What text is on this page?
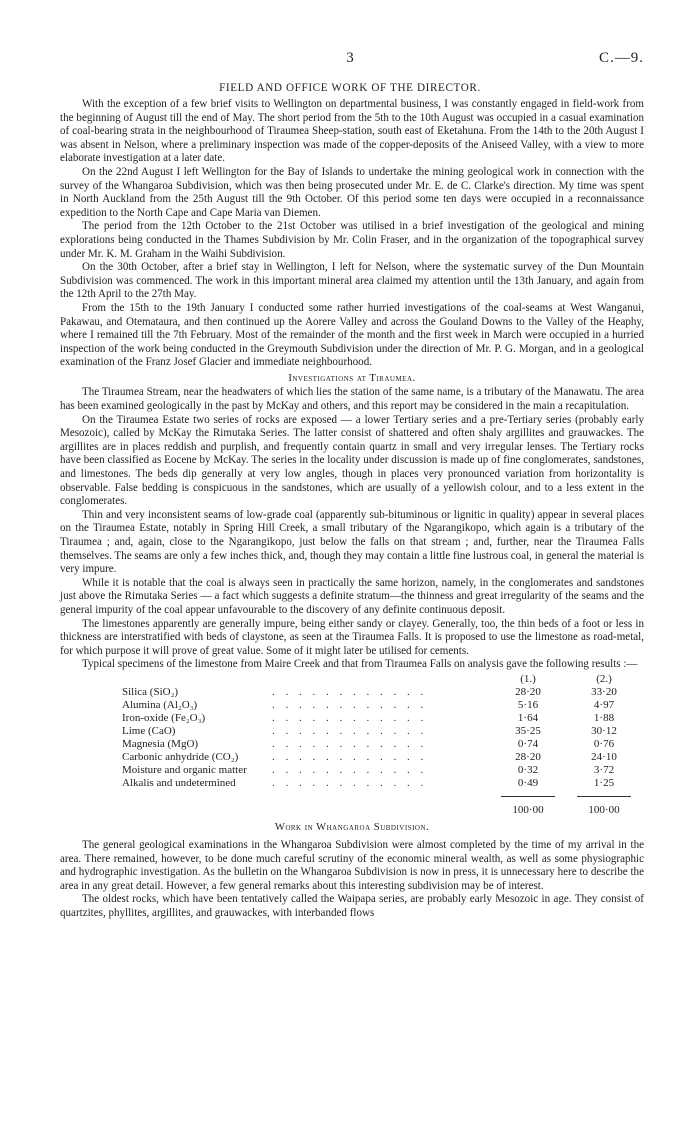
3	C.—9.
FIELD AND OFFICE WORK OF THE DIRECTOR.

With the exception of a few brief visits to Wellington on departmental business, I was constantly engaged in field-work from the beginning of August till the end of May. The short period from the 5th to the 10th August was occupied in a casual examination of coal-bearing strata in the neighbourhood of Tiraumea Sheep-station, south east of Eketahuna. From the 14th to the 20th August I was absent in Nelson, where a preliminary inspection was made of the copper-deposits of the Aniseed Valley, with a view to more elaborate investigation at a later date.

On the 22nd August I left Wellington for the Bay of Islands to undertake the mining geological work in connection with the survey of the Whangaroa Subdivision, which was then being prosecuted under Mr. E. de C. Clarke's direction. My time was spent in North Auckland from the 25th August till the 9th October. Of this period some ten days were occupied in a reconnaissance expedition to the North Cape and Cape Maria van Diemen.

The period from the 12th October to the 21st October was utilised in a brief investigation of the geological and mining explorations being conducted in the Thames Subdivision by Mr. Colin Fraser, and in the organization of the topographical survey under Mr. K. M. Graham in the Waihi Subdivision.

On the 30th October, after a brief stay in Wellington, I left for Nelson, where the systematic survey of the Dun Mountain Subdivision was commenced. The work in this important mineral area claimed my attention until the 13th January, and again from the 12th April to the 27th May.

From the 15th to the 19th January I conducted some rather hurried investigations of the coal-seams at West Wanganui, Pakawau, and Otemataura, and then continued up the Aorere Valley and across the Gouland Downs to the Valley of the Heaphy, where I remained till the 7th February. Most of the remainder of the month and the first week in March were occupied in a hurried inspection of the work being conducted in the Greymouth Subdivision under the direction of Mr. P. G. Morgan, and in a geological examination of the Franz Josef Glacier and immediate neighbourhood.

Investigations at Tiraumea.

The Tiraumea Stream, near the headwaters of which lies the station of the same name, is a tributary of the Manawatu. The area has been examined geologically in the past by McKay and others, and this report may be considered in the main a recapitulation.

On the Tiraumea Estate two series of rocks are exposed — a lower Tertiary series and a pre-Tertiary series (probably early Mesozoic), called by McKay the Rimutaka Series. The latter consist of shattered and often shaly argillites and grauwackes. The argillites are in places reddish and purplish, and frequently contain quartz in small and very irregular lenses. The Tertiary rocks have been classified as Eocene by McKay. The series in the locality under discussion is made up of fine conglomerates, sandstones, and limestones. The beds dip generally at very low angles, though in places very pronounced variation from horizontality is observable. False bedding is conspicuous in the sandstones, which are usually of a yellowish colour, and to a less extent in the conglomerates.

Thin and very inconsistent seams of low-grade coal (apparently sub-bituminous or lignitic in quality) appear in several places on the Tiraumea Estate, notably in Spring Hill Creek, a small tributary of the Ngarangikopo, which again is a tributary of the Tiraumea ; and, again, close to the Ngarangikopo, just below the falls on that stream ; and, further, near the Tiraumea Falls themselves. The seams are only a few inches thick, and, though they may contain a little fine lustrous coal, in general the material is very impure.

While it is notable that the coal is always seen in practically the same horizon, namely, in the conglomerates and sandstones just above the Rimutaka Series — a fact which suggests a definite stratum—the thinness and great irregularity of the seams and the general impurity of the coal appear unfavourable to the discovery of any definite continuous deposit.

The limestones apparently are generally impure, being either sandy or clayey. Generally, too, the thin beds of a foot or less in thickness are interstratified with beds of claystone, as seen at the Tiraumea Falls. It is proposed to use the limestone as road-metal, for which purpose it will prove of great value. Some of it might later be utilised for cements.

Typical specimens of the limestone from Maire Creek and that from Tiraumea Falls on analysis gave the following results :—

(1.)	(2.)
Silica (SiO₂)	. . . . . . . . . . . .	28·20	33·20
Alumina (Al₂O₃)	. . . . . . . . . . . .	5·16	4·97
Iron-oxide (Fe₂O₃)	. . . . . . . . . . . .	1·64	1·88
Lime (CaO)	. . . . . . . . . . . .	35·25	30·12
Magnesia (MgO)	. . . . . . . . . . . .	0·74	0·76
Carbonic anhydride (CO₂)	. . . . . . . . . . . .	28·20	24·10
Moisture and organic matter . . . . . . . . . . . .	0·32	3·72
Alkalis and undetermined	. . . . . . . . . . . .	0·49	1·25
100·00	100·00
Work in Whangaroa Subdivision.

The general geological examinations in the Whangaroa Subdivision were almost completed by the time of my arrival in the area. There remained, however, to be done much careful scrutiny of the economic mineral wealth, as well as some physiographic and hydrographic investigation. As the bulletin on the Whangaroa Subdivision is now in press, it is unnecessary here to describe the area in any great detail. However, a few general remarks about this interesting subdivision may be of interest.

The oldest rocks, which have been tentatively called the Waipapa series, are probably early Mesozoic in age. They consist of quartzites, phyllites, argillites, and grauwackes, with interbanded flows
